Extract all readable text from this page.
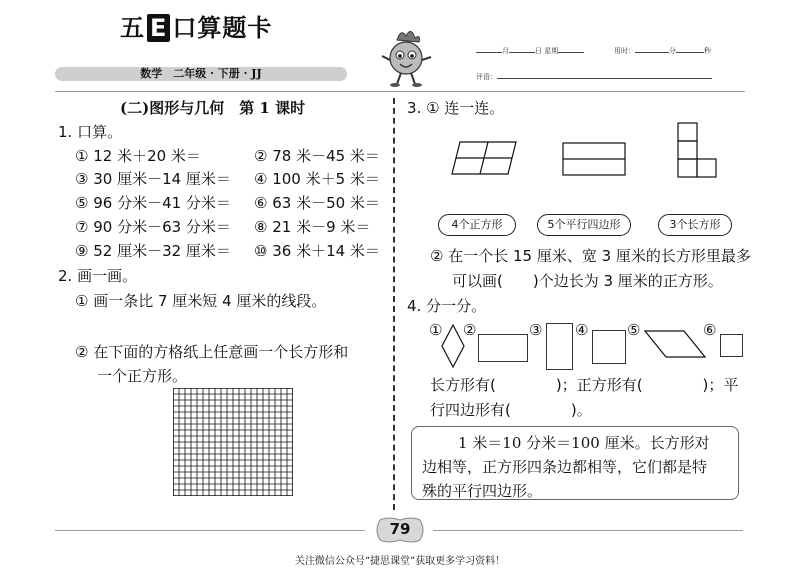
五 E 口算题卡
数学　二年级 · 下册 · JJ
月	日 星期	用时：	分	秒
评语：
(二)图形与几何　第 1 课时
1. 口算。
① 12 米＋20 米＝	② 78 米－45 米＝
③ 30 厘米－14 厘米＝ ④ 100 米＋5 米＝
⑤ 96 分米－41 分米＝ ⑥ 63 米－50 米＝
⑦ 90 分米－63 分米＝ ⑧ 21 米－9 米＝
⑨ 52 厘米－32 厘米＝ ⑩ 36 米＋14 米＝
2. 画一画。
① 画一条比 7 厘米短 4 厘米的线段。
② 在下面的方格纸上任意画一个长方形和
一个正方形。
3. ① 连一连。
4个正方形	5个平行四边形	3个长方形
② 在一个长 15 厘米、宽 3 厘米的长方形里最多
可以画(　　)个边长为 3 厘米的正方形。
4. 分一分。
① ②	③ ④	⑤	⑥
长方形有(　　　　)；正方形有(　　　　)；平
行四边形有(　　　　)。
1 米＝10 分米＝100 厘米。长方形对
边相等，正方形四条边都相等，它们都是特
殊的平行四边形。
79
关注微信公众号“捷思课堂”获取更多学习资料！
